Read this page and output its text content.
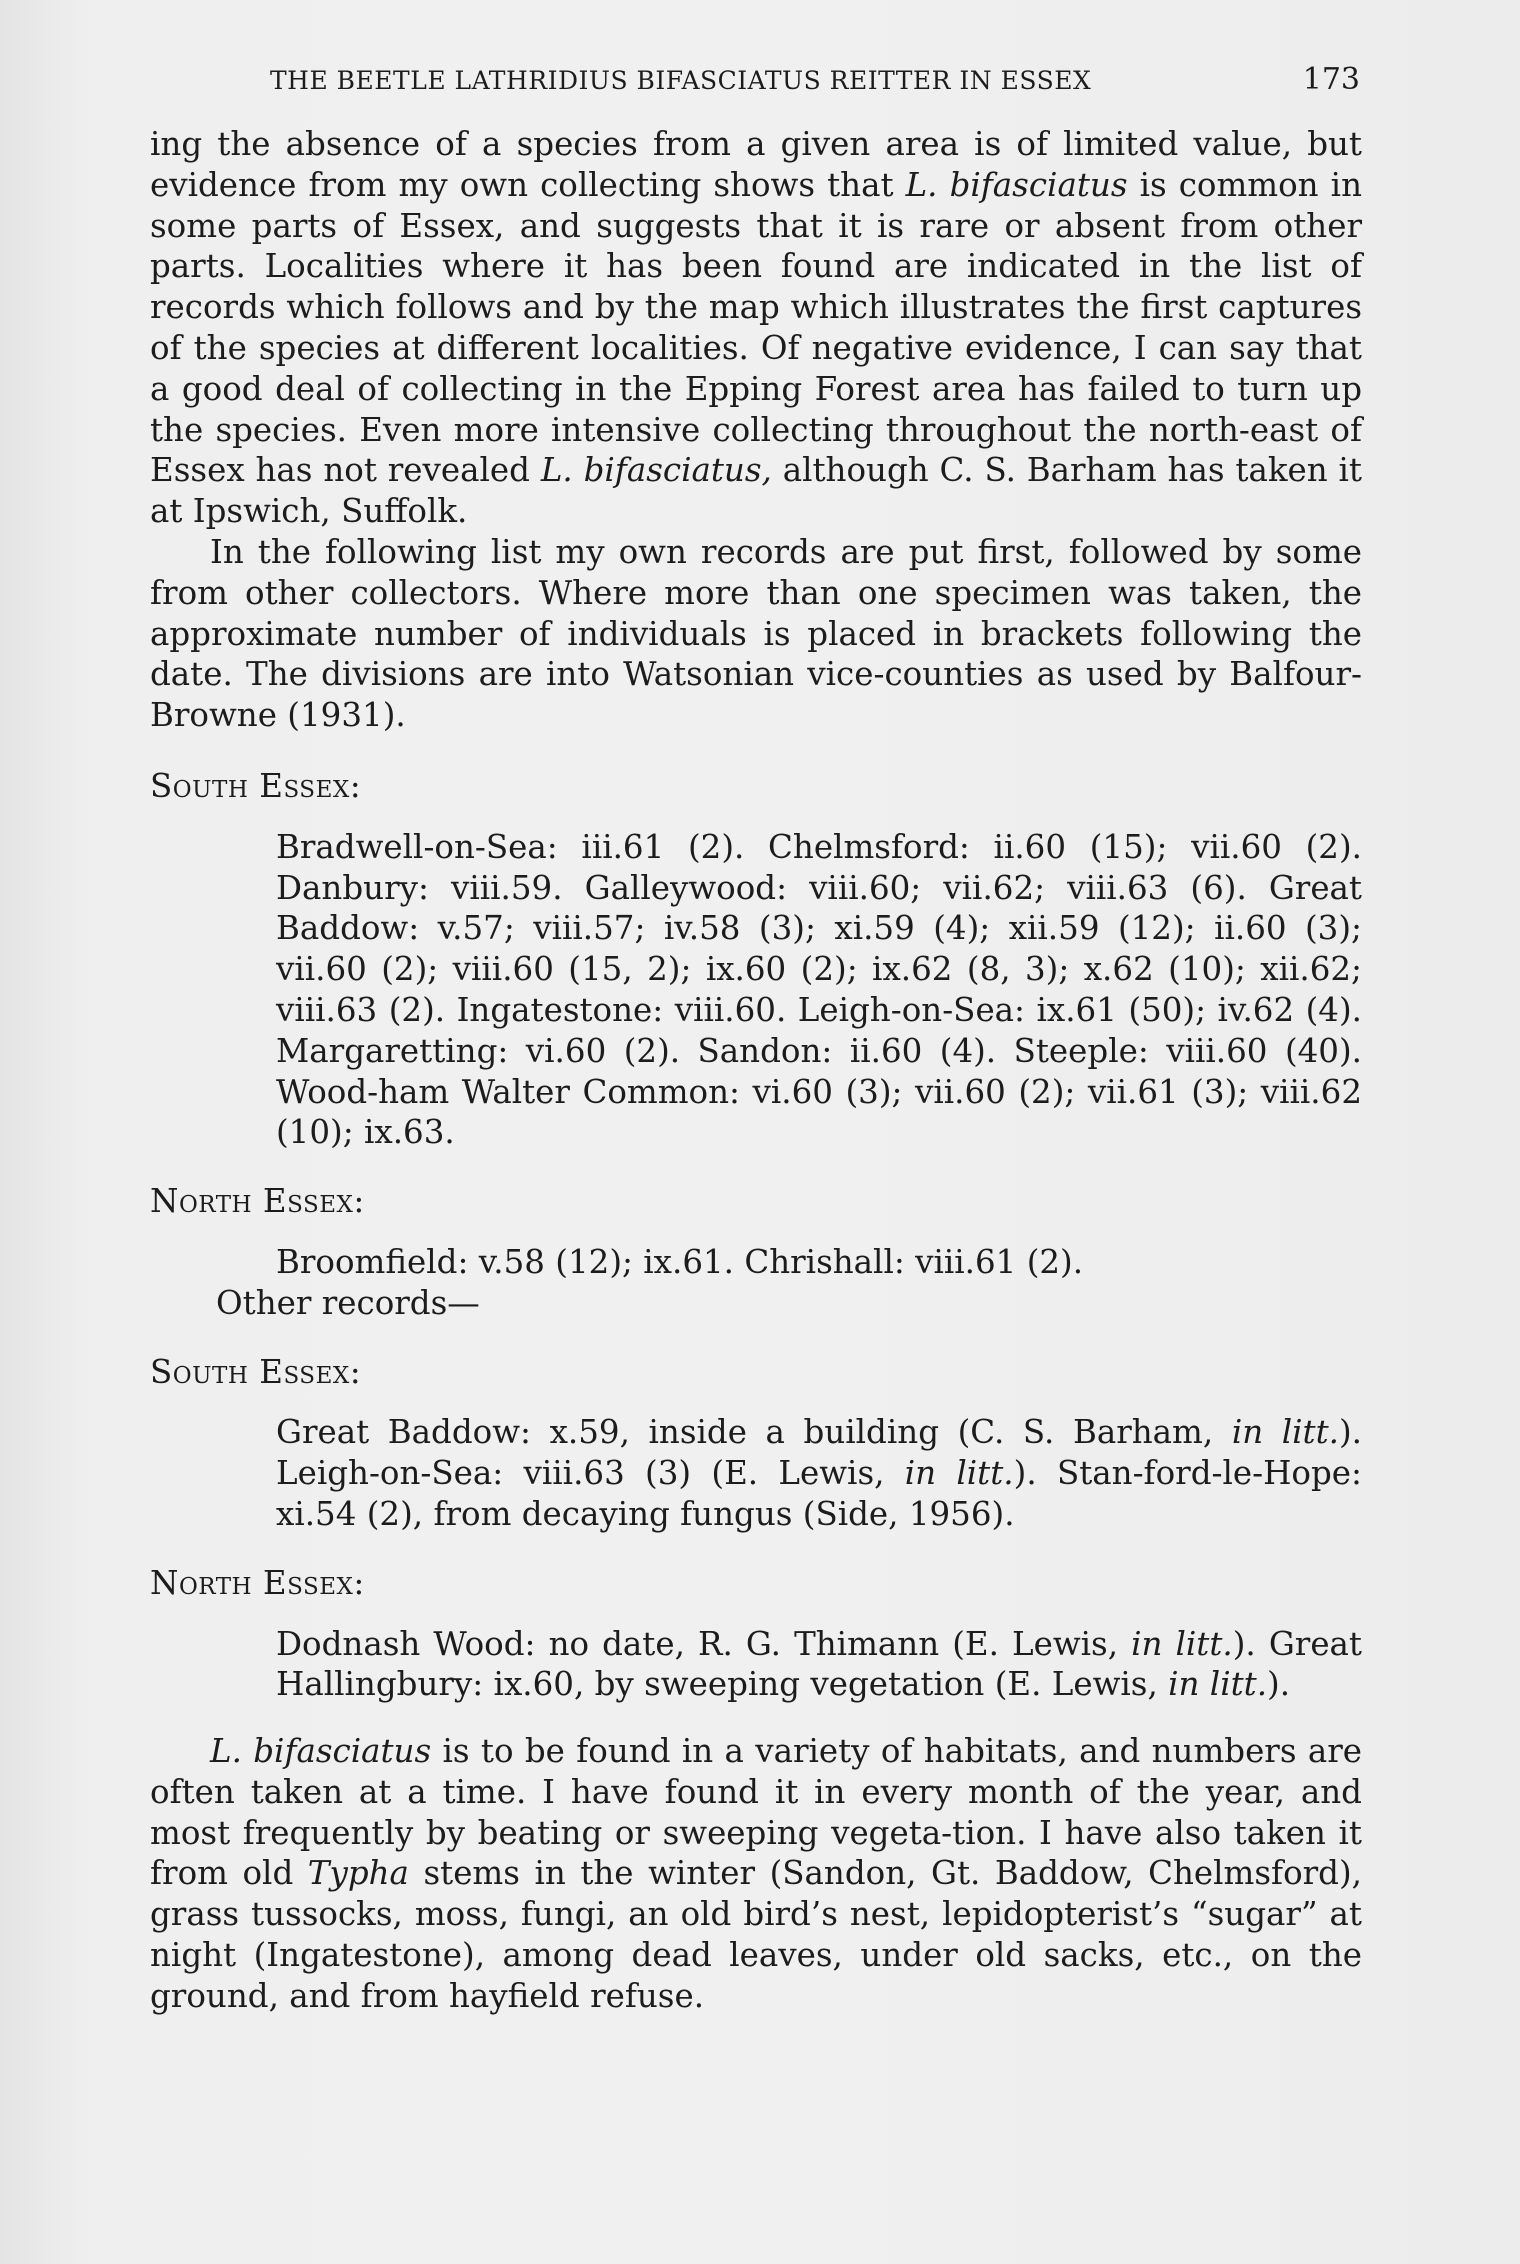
THE BEETLE LATHRIDIUS BIFASCIATUS REITTER IN ESSEX	173

ing the absence of a species from a given area is of limited value, but evidence from my own collecting shows that L. bifasciatus is common in some parts of Essex, and suggests that it is rare or absent from other parts. Localities where it has been found are indicated in the list of records which follows and by the map which illustrates the first captures of the species at different localities. Of negative evidence, I can say that a good deal of collecting in the Epping Forest area has failed to turn up the species. Even more intensive collecting throughout the north-east of Essex has not revealed L. bifasciatus, although C. S. Barham has taken it at Ipswich, Suffolk.

In the following list my own records are put first, followed by some from other collectors. Where more than one specimen was taken, the approximate number of individuals is placed in brackets following the date. The divisions are into Watsonian vice-counties as used by Balfour-Browne (1931).

South Essex:

Bradwell-on-Sea: iii.61 (2). Chelmsford: ii.60 (15); vii.60 (2). Danbury: viii.59. Galleywood: viii.60; vii.62; viii.63 (6). Great Baddow: v.57; viii.57; iv.58 (3); xi.59 (4); xii.59 (12); ii.60 (3); vii.60 (2); viii.60 (15, 2); ix.60 (2); ix.62 (8, 3); x.62 (10); xii.62; viii.63 (2). Ingatestone: viii.60. Leigh-on-Sea: ix.61 (50); iv.62 (4). Margaretting: vi.60 (2). Sandon: ii.60 (4). Steeple: viii.60 (40). Wood-ham Walter Common: vi.60 (3); vii.60 (2); vii.61 (3); viii.62 (10); ix.63.

North Essex:

Broomfield: v.58 (12); ix.61. Chrishall: viii.61 (2).

Other records—

South Essex:

Great Baddow: x.59, inside a building (C. S. Barham, in litt.). Leigh-on-Sea: viii.63 (3) (E. Lewis, in litt.). Stan-ford-le-Hope: xi.54 (2), from decaying fungus (Side, 1956).

North Essex:

Dodnash Wood: no date, R. G. Thimann (E. Lewis, in litt.). Great Hallingbury: ix.60, by sweeping vegetation (E. Lewis, in litt.).

L. bifasciatus is to be found in a variety of habitats, and numbers are often taken at a time. I have found it in every month of the year, and most frequently by beating or sweeping vegeta-tion. I have also taken it from old Typha stems in the winter (Sandon, Gt. Baddow, Chelmsford), grass tussocks, moss, fungi, an old bird’s nest, lepidopterist’s “sugar” at night (Ingatestone), among dead leaves, under old sacks, etc., on the ground, and from hayfield refuse.
